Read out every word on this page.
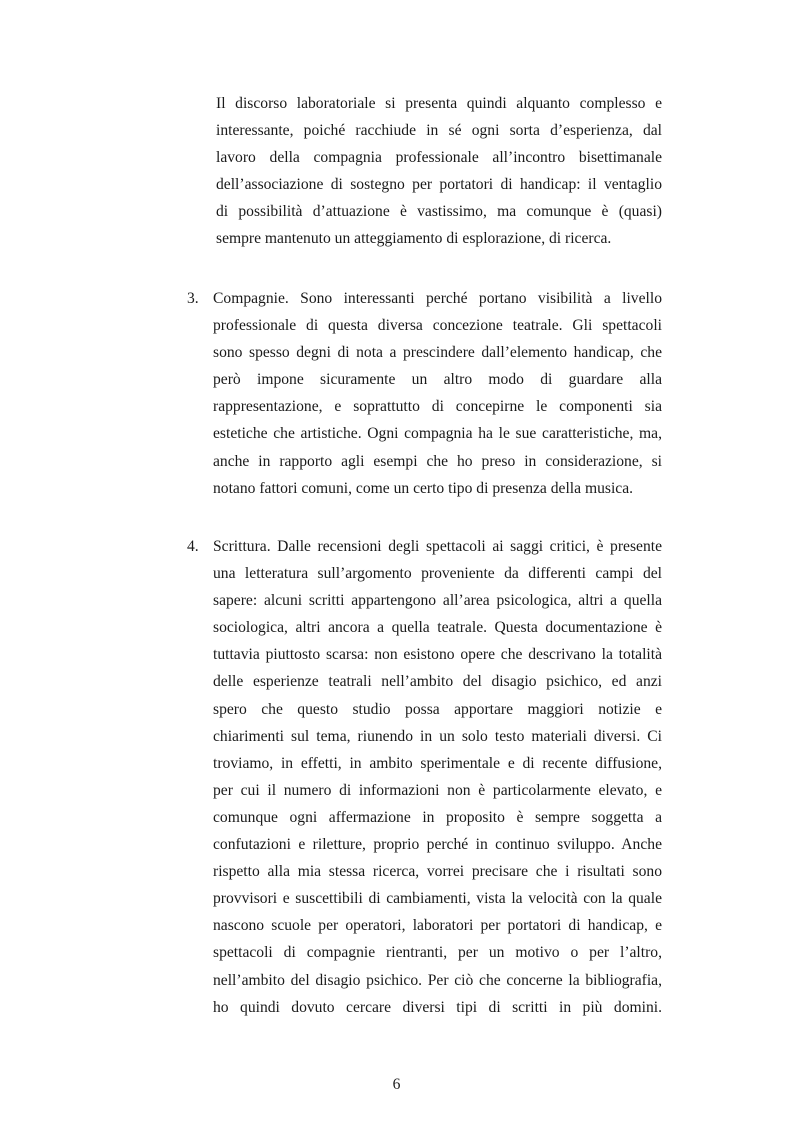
Il discorso laboratoriale si presenta quindi alquanto complesso e
interessante, poiché racchiude in sé ogni sorta d’esperienza, dal
lavoro della compagnia professionale all’incontro bisettimanale
dell’associazione di sostegno per portatori di handicap: il ventaglio
di possibilità d’attuazione è vastissimo, ma comunque è (quasi)
sempre mantenuto un atteggiamento di esplorazione, di ricerca.
3. Compagnie. Sono interessanti perché portano visibilità a livello
professionale di questa diversa concezione teatrale. Gli spettacoli
sono spesso degni di nota a prescindere dall’elemento handicap, che
però impone sicuramente un altro modo di guardare alla
rappresentazione, e soprattutto di concepirne le componenti sia
estetiche che artistiche. Ogni compagnia ha le sue caratteristiche, ma,
anche in rapporto agli esempi che ho preso in considerazione, si
notano fattori comuni, come un certo tipo di presenza della musica.
4. Scrittura. Dalle recensioni degli spettacoli ai saggi critici, è presente
una letteratura sull’argomento proveniente da differenti campi del
sapere: alcuni scritti appartengono all’area psicologica, altri a quella
sociologica, altri ancora a quella teatrale. Questa documentazione è
tuttavia piuttosto scarsa: non esistono opere che descrivano la totalità
delle esperienze teatrali nell’ambito del disagio psichico, ed anzi
spero che questo studio possa apportare maggiori notizie e
chiarimenti sul tema, riunendo in un solo testo materiali diversi. Ci
troviamo, in effetti, in ambito sperimentale e di recente diffusione,
per cui il numero di informazioni non è particolarmente elevato, e
comunque ogni affermazione in proposito è sempre soggetta a
confutazioni e riletture, proprio perché in continuo sviluppo. Anche
rispetto alla mia stessa ricerca, vorrei precisare che i risultati sono
provvisori e suscettibili di cambiamenti, vista la velocità con la quale
nascono scuole per operatori, laboratori per portatori di handicap, e
spettacoli di compagnie rientranti, per un motivo o per l’altro,
nell’ambito del disagio psichico. Per ciò che concerne la bibliografia,
ho quindi dovuto cercare diversi tipi di scritti in più domini.
6
